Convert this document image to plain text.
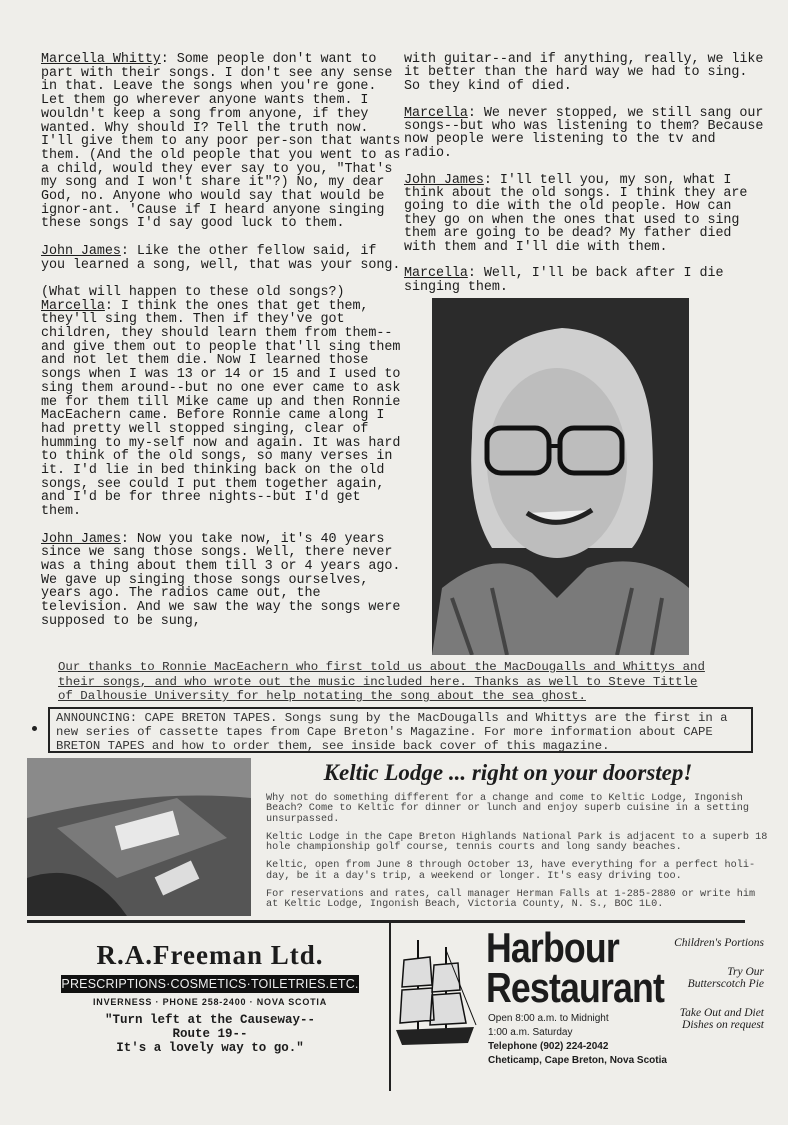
Marcella Whitty: Some people don't want to part with their songs. I don't see any sense in that. Leave the songs when you're gone. Let them go wherever anyone wants them. I wouldn't keep a song from anyone, if they wanted. Why should I? Tell the truth now. I'll give them to any poor per-son that wants them. (And the old people that you went to as a child, would they ever say to you, "That's my song and I won't share it"?) No, my dear God, no. Anyone who would say that would be ignor-ant. 'Cause if I heard anyone singing these songs I'd say good luck to them.

John James: Like the other fellow said, if you learned a song, well, that was your song.

(What will happen to these old songs?)
Marcella: I think the ones that get them, they'll sing them. Then if they've got children, they should learn them from them--and give them out to people that'll sing them and not let them die. Now I learned those songs when I was 13 or 14 or 15 and I used to sing them around--but no one ever came to ask me for them till Mike came up and then Ronnie MacEachern came. Before Ronnie came along I had pretty well stopped singing, clear of humming to my-self now and again. It was hard to think of the old songs, so many verses in it. I'd lie in bed thinking back on the old songs, see could I put them together again, and I'd be for three nights--but I'd get them.

John James: Now you take now, it's 40 years since we sang those songs. Well, there never was a thing about them till 3 or 4 years ago. We gave up singing those songs ourselves, years ago. The radios came out, the television. And we saw the way the songs were supposed to be sung,

with guitar--and if anything, really, we like it better than the hard way we had to sing. So they kind of died.

Marcella: We never stopped, we still sang our songs--but who was listening to them? Because now people were listening to the tv and radio.

John James: I'll tell you, my son, what I think about the old songs. I think they are going to die with the old people. How can they go on when the ones that used to sing them are going to be dead? My father died with them and I'll die with them.

Marcella: Well, I'll be back after I die singing them.

Our thanks to Ronnie MacEachern who first told us about the MacDougalls and Whittys and their songs, and who wrote out the music included here. Thanks as well to Steve Tittle of Dalhousie University for help notating the song about the sea ghost.
ANNOUNCING: CAPE BRETON TAPES. Songs sung by the MacDougalls and Whittys are the first in a new series of cassette tapes from Cape Breton's Magazine. For more information about CAPE BRETON TAPES and how to order them, see inside back cover of this magazine.
Keltic Lodge ... right on your doorstep!

Why not do something different for a change and come to Keltic Lodge, Ingonish Beach? Come to Keltic for dinner or lunch and enjoy superb cuisine in a setting unsurpassed.

Keltic Lodge in the Cape Breton Highlands National Park is adjacent to a superb 18 hole championship golf course, tennis courts and long sandy beaches.

Keltic, open from June 8 through October 13, have everything for a perfect holi-day, be it a day's trip, a weekend or longer. It's easy driving too.

For reservations and rates, call manager Herman Falls at 1-285-2880 or write him at Keltic Lodge, Ingonish Beach, Victoria County, N. S., BOC 1L0.

R.A.Freeman Ltd.
PRESCRIPTIONS·COSMETICS·TOILETRIES.ETC.
INVERNESS · PHONE 258-2400 · NOVA SCOTIA
"Turn left at the Causeway--
Route 19--
It's a lovely way to go."
Harbour
Restaurant
Open 8:00 a.m. to Midnight
1:00 a.m. Saturday
Telephone (902) 224-2042
Cheticamp, Cape Breton, Nova Scotia
Children's Portions
Try Our Butterscotch Pie
Take Out and Diet Dishes on request
